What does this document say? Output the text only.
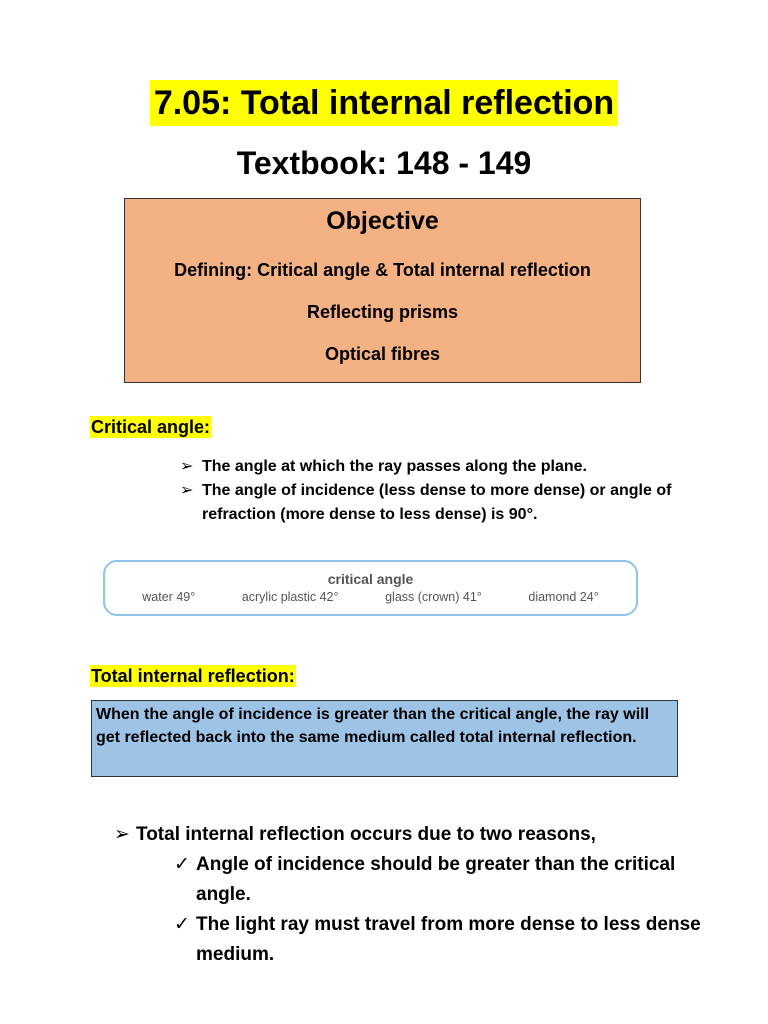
7.05: Total internal reflection
Textbook: 148 - 149
Objective
Defining: Critical angle & Total internal reflection
Reflecting prisms
Optical fibres
Critical angle:
➢ The angle at which the ray passes along the plane.
➢ The angle of incidence (less dense to more dense) or angle of refraction (more dense to less dense) is 90°.
critical angle
water 49°	acrylic plastic 42°	glass (crown) 41°	diamond 24°
Total internal reflection:
When the angle of incidence is greater than the critical angle, the ray will get reflected back into the same medium called total internal reflection.
➢ Total internal reflection occurs due to two reasons,
✓ Angle of incidence should be greater than the critical angle.
✓ The light ray must travel from more dense to less dense medium.
